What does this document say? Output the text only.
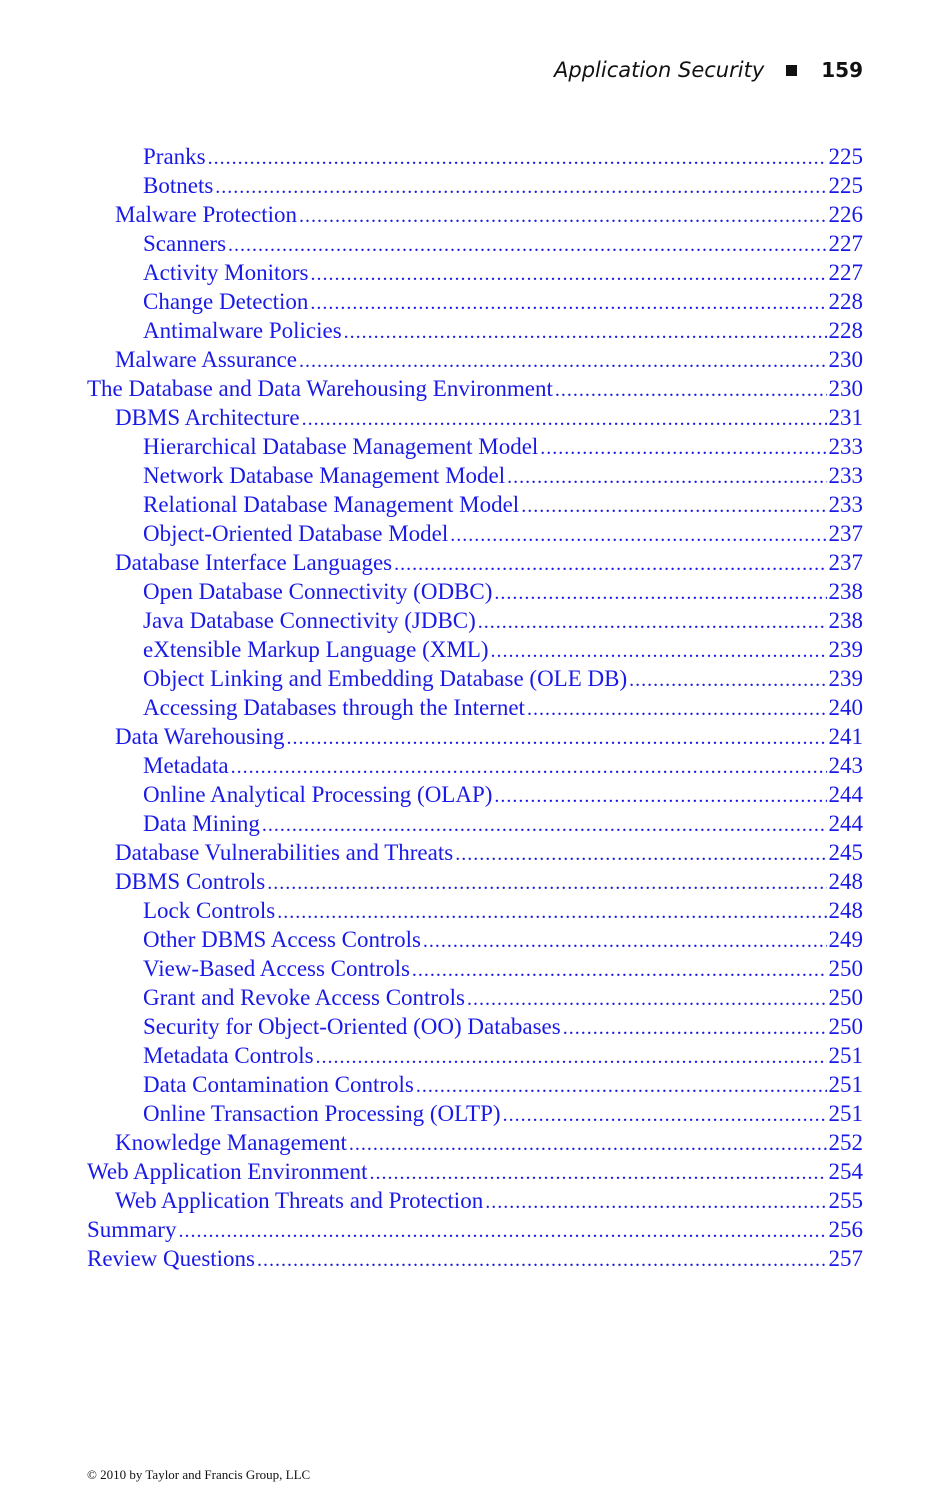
Application Security	159
Pranks .....	225
Botnets .....	225
Malware Protection .....	226
Scanners .....	227
Activity Monitors .....	227
Change Detection .....	228
Antimalware Policies .....	228
Malware Assurance .....	230
The Database and Data Warehousing Environment .....	230
DBMS Architecture .....	231
Hierarchical Database Management Model .....	233
Network Database Management Model .....	233
Relational Database Management Model .....	233
Object-Oriented Database Model .....	237
Database Interface Languages .....	237
Open Database Connectivity (ODBC) .....	238
Java Database Connectivity (JDBC) .....	238
eXtensible Markup Language (XML) .....	239
Object Linking and Embedding Database (OLE DB) .....	239
Accessing Databases through the Internet .....	240
Data Warehousing .....	241
Metadata .....	243
Online Analytical Processing (OLAP) .....	244
Data Mining .....	244
Database Vulnerabilities and Threats .....	245
DBMS Controls .....	248
Lock Controls .....	248
Other DBMS Access Controls .....	249
View-Based Access Controls .....	250
Grant and Revoke Access Controls .....	250
Security for Object-Oriented (OO) Databases .....	250
Metadata Controls .....	251
Data Contamination Controls .....	251
Online Transaction Processing (OLTP) .....	251
Knowledge Management .....	252
Web Application Environment .....	254
Web Application Threats and Protection .....	255
Summary .....	256
Review Questions .....	257
© 2010 by Taylor and Francis Group, LLC
